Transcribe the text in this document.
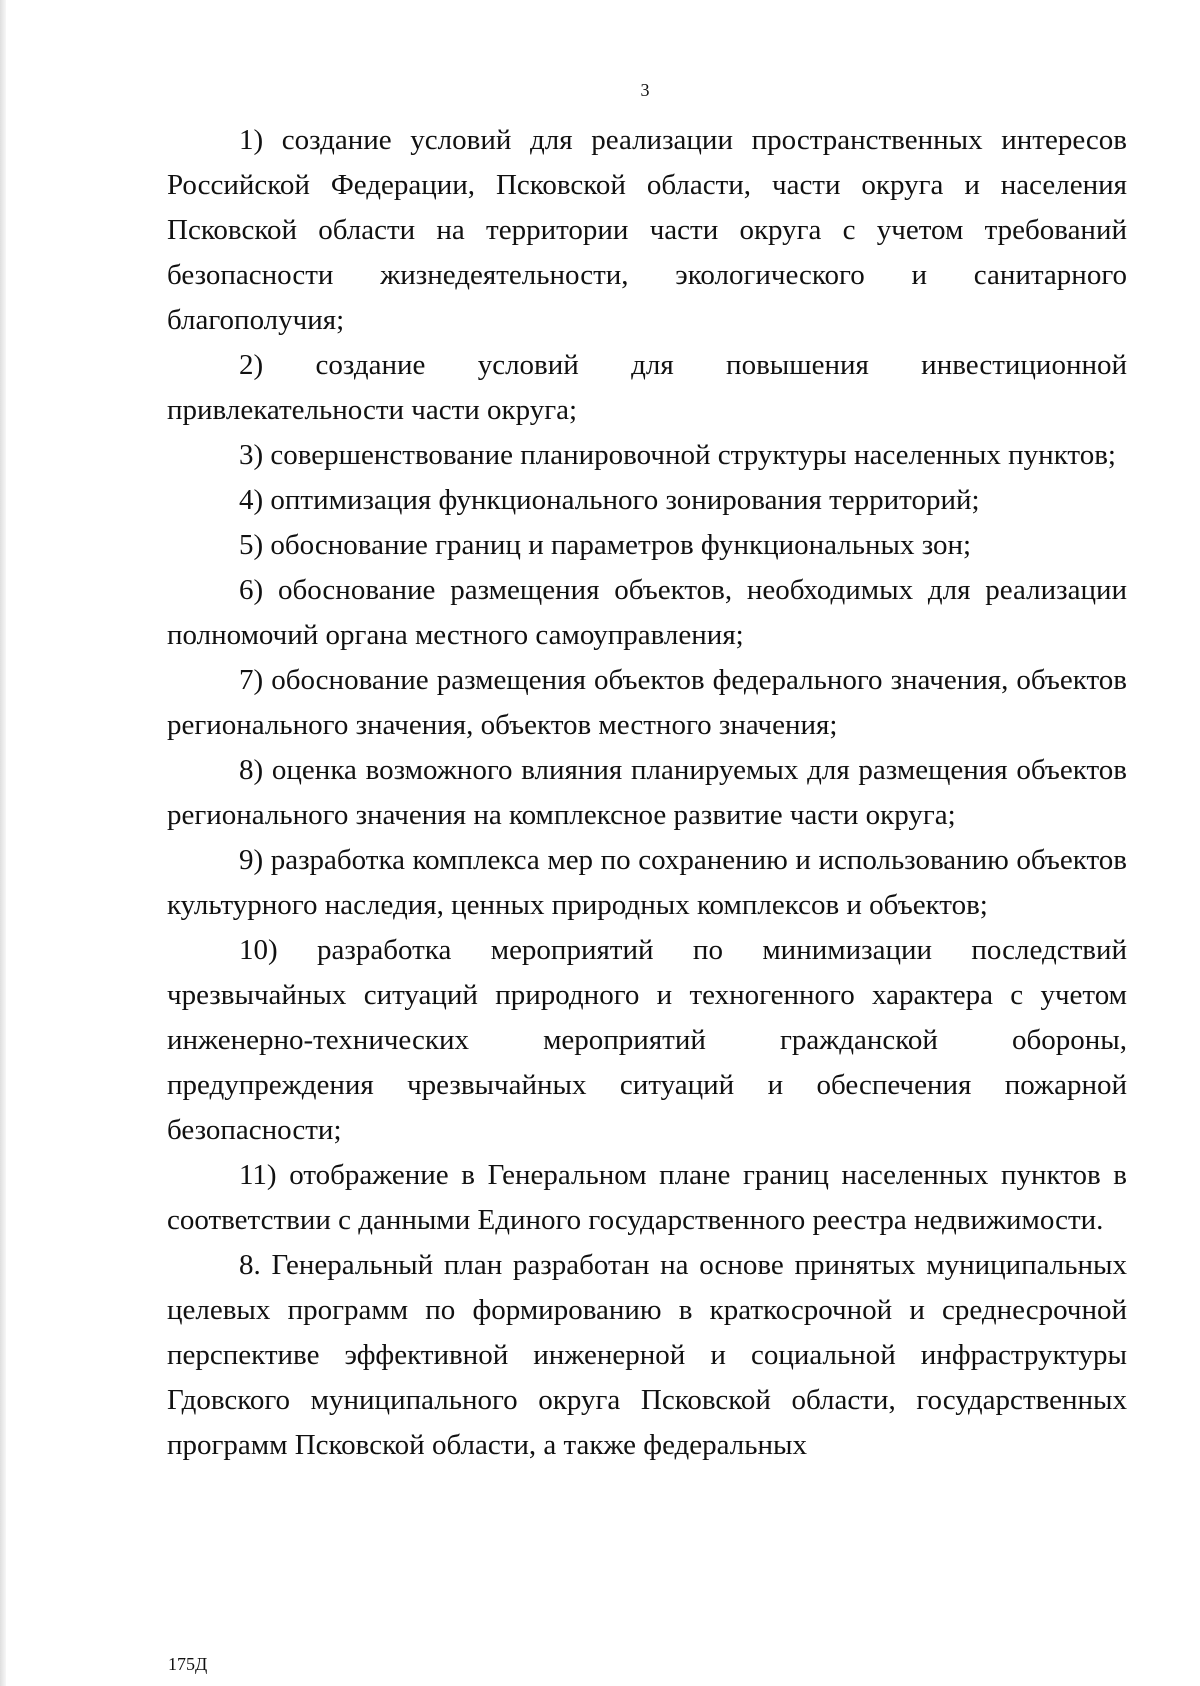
3

1) создание условий для реализации пространственных интересов Российской Федерации, Псковской области, части округа и населения Псковской области на территории части округа с учетом требований безопасности жизнедеятельности, экологического и санитарного благополучия;

2) создание условий для повышения инвестиционной привлекательности части округа;

3) совершенствование планировочной структуры населенных пунктов;

4) оптимизация функционального зонирования территорий;

5) обоснование границ и параметров функциональных зон;

6) обоснование размещения объектов, необходимых для реализации полномочий органа местного самоуправления;

7) обоснование размещения объектов федерального значения, объектов регионального значения, объектов местного значения;

8) оценка возможного влияния планируемых для размещения объектов регионального значения на комплексное развитие части округа;

9) разработка комплекса мер по сохранению и использованию объектов культурного наследия, ценных природных комплексов и объектов;

10) разработка мероприятий по минимизации последствий чрезвычайных ситуаций природного и техногенного характера с учетом инженерно-технических мероприятий гражданской обороны, предупреждения чрезвычайных ситуаций и обеспечения пожарной безопасности;

11) отображение в Генеральном плане границ населенных пунктов в соответствии с данными Единого государственного реестра недвижимости.

8. Генеральный план разработан на основе принятых муниципальных целевых программ по формированию в краткосрочной и среднесрочной перспективе эффективной инженерной и социальной инфраструктуры Гдовского муниципального округа Псковской области, государственных программ Псковской области, а также федеральных

175Д
